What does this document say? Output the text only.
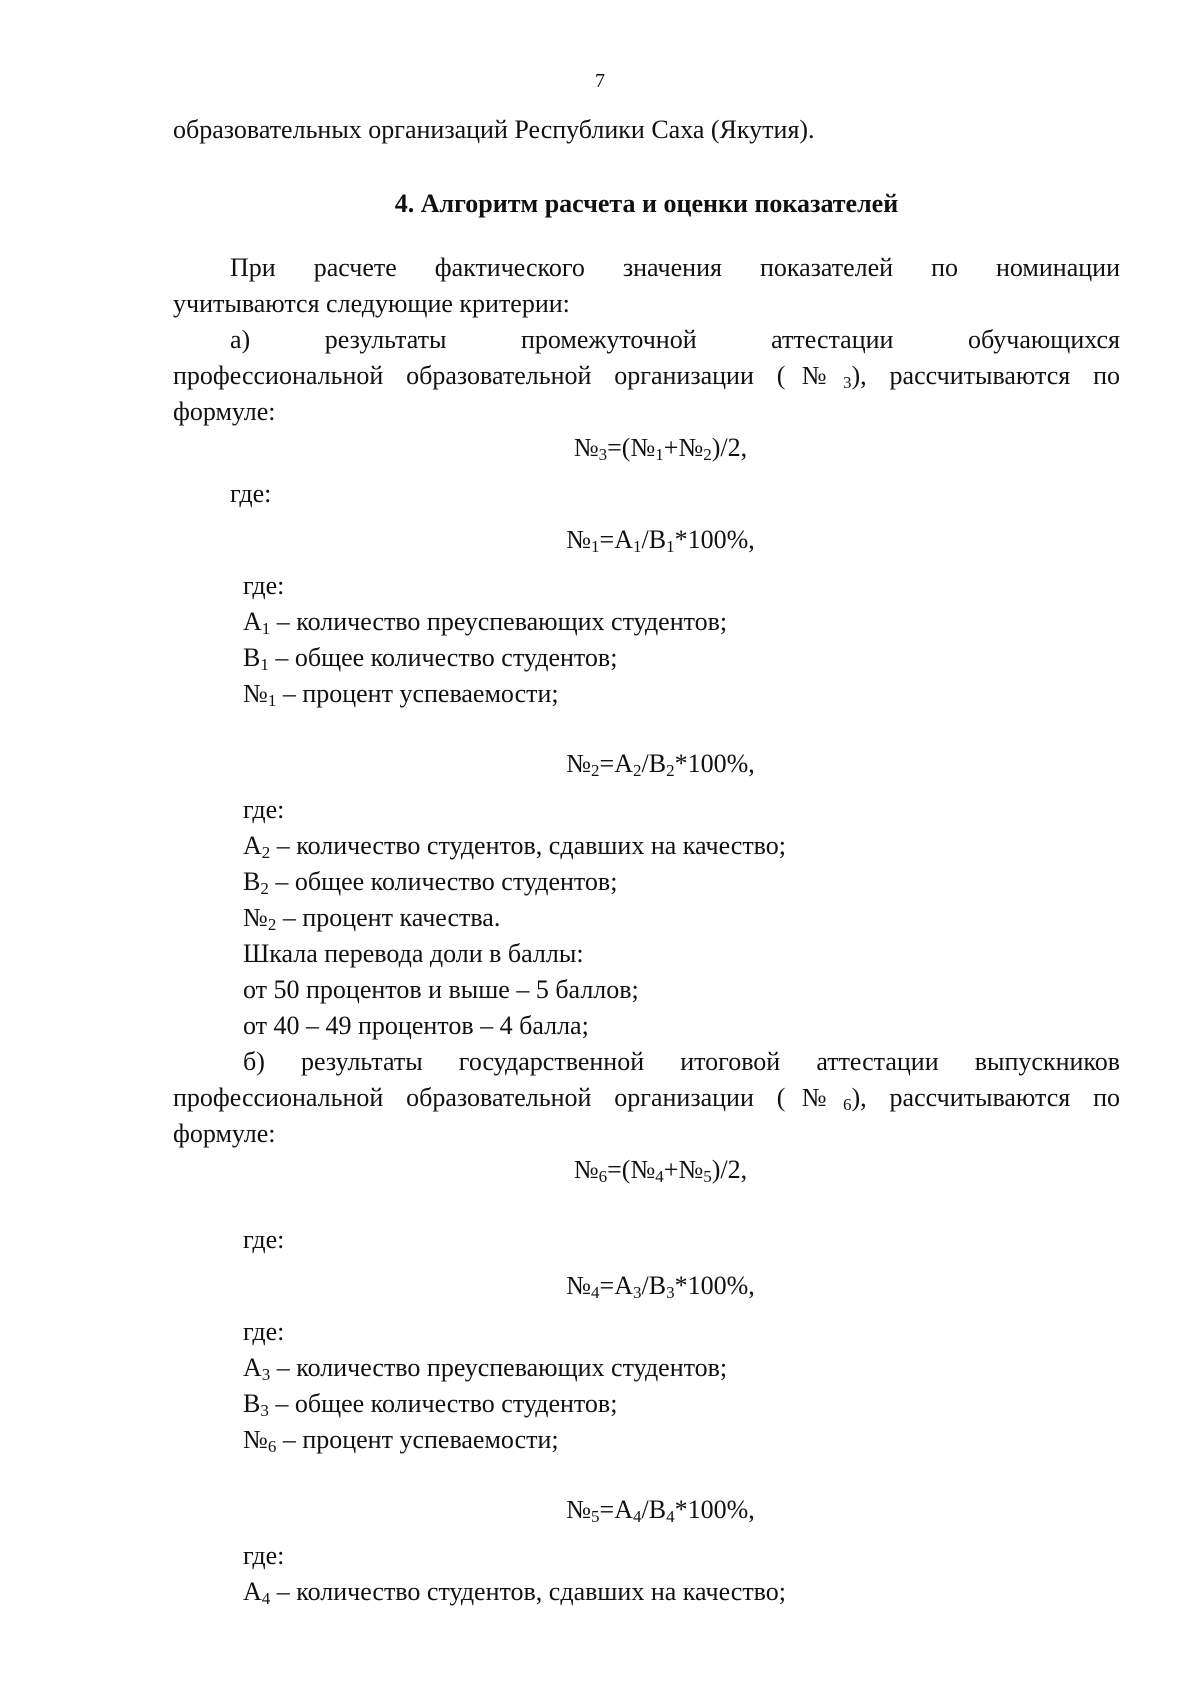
7
образовательных организаций Республики Саха (Якутия).
4. Алгоритм расчета и оценки показателей
При расчете фактического значения показателей по номинации
учитываются следующие критерии:
а) результаты промежуточной аттестации обучающихся
профессиональной образовательной организации $(№_3)$, рассчитываются по
формуле:
$№_3=(№_1+№_2)/2$,
где:
$№_1=A_1/B_1*100\%$,
где:
$A_1$ – количество преуспевающих студентов;
$B_1$ – общее количество студентов;
$№_1$ – процент успеваемости;
$№_2=A_2/B_2*100\%$,
где:
$A_2$ – количество студентов, сдавших на качество;
$B_2$ – общее количество студентов;
$№_2$ – процент качества.
Шкала перевода доли в баллы:
от 50 процентов и выше – 5 баллов;
от 40 – 49 процентов – 4 балла;
б) результаты государственной итоговой аттестации выпускников
профессиональной образовательной организации $(№_6)$, рассчитываются по
формуле:
$№_6=(№_4+№_5)/2$,
где:
$№_4=A_3/B_3*100\%$,
где:
$A_3$ – количество преуспевающих студентов;
$B_3$ – общее количество студентов;
$№_6$ – процент успеваемости;
$№_5=A_4/B_4*100\%$,
где:
$A_4$ – количество студентов, сдавших на качество;
